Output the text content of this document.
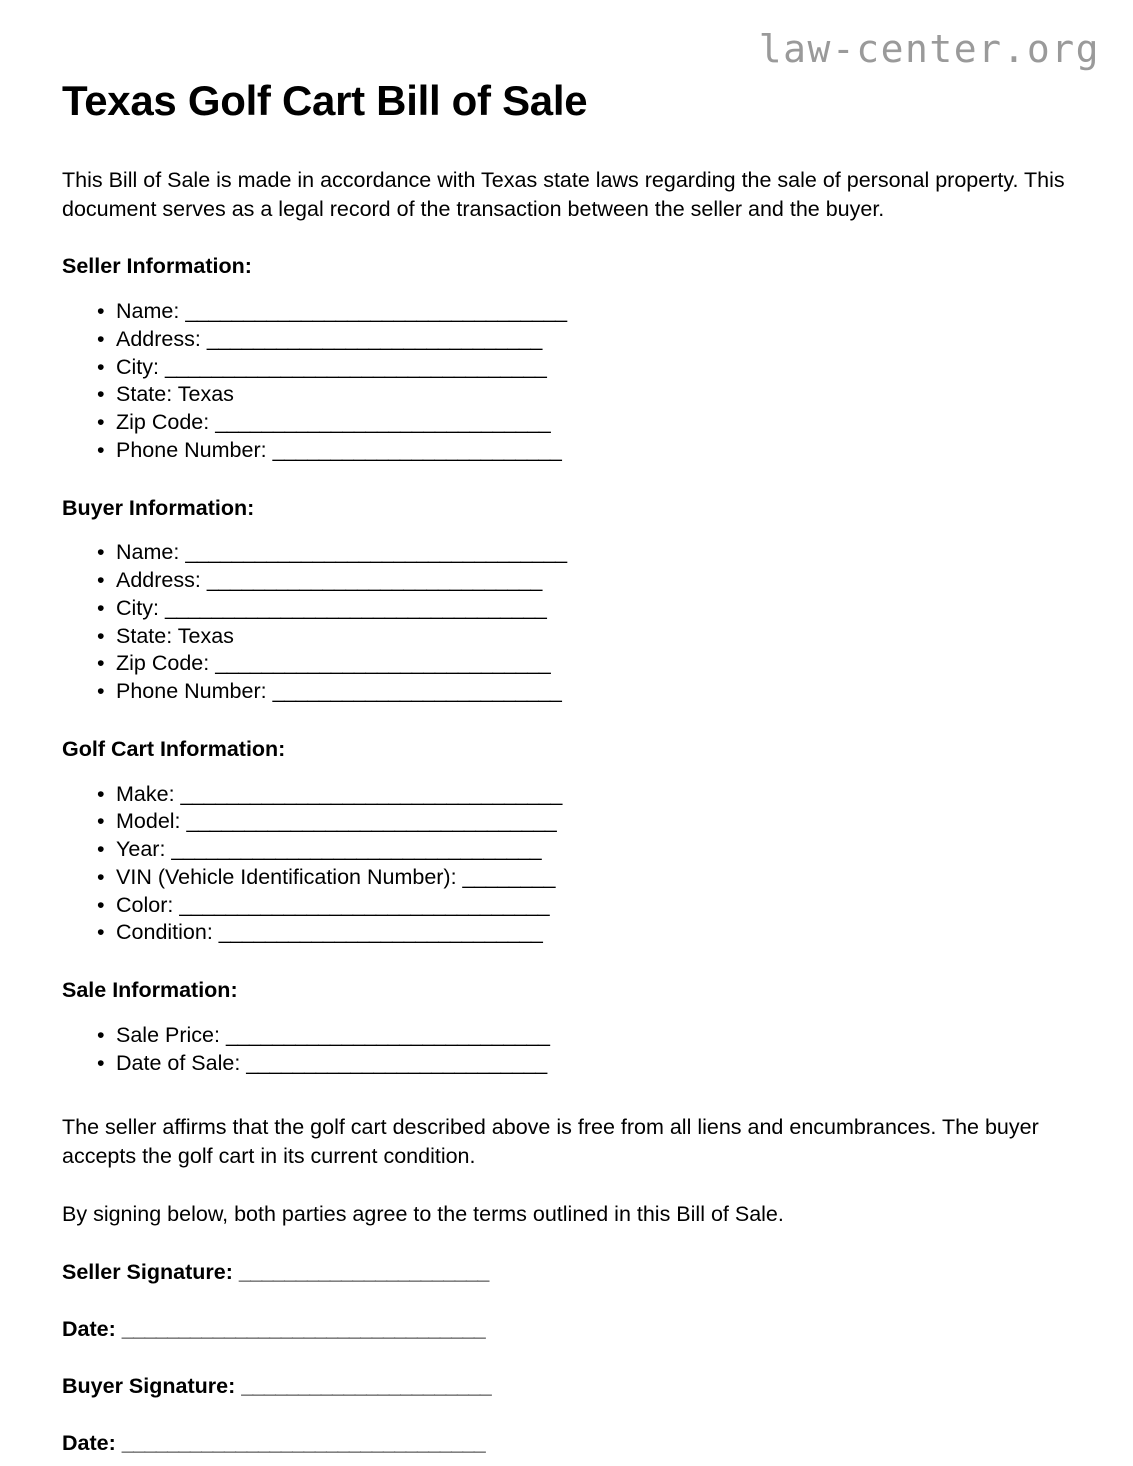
law-center.org
Texas Golf Cart Bill of Sale

This Bill of Sale is made in accordance with Texas state laws regarding the sale of personal property. This document serves as a legal record of the transaction between the seller and the buyer.

Seller Information:
• Name: _________________________________
• Address: _____________________________
• City: _________________________________
• State: Texas
• Zip Code: _____________________________
• Phone Number: _________________________
Buyer Information:
• Name: _________________________________
• Address: _____________________________
• City: _________________________________
• State: Texas
• Zip Code: _____________________________
• Phone Number: _________________________
Golf Cart Information:
• Make: _________________________________
• Model: ________________________________
• Year: ________________________________
• VIN (Vehicle Identification Number): ________
• Color: ________________________________
• Condition: ____________________________
Sale Information:
• Sale Price: ____________________________
• Date of Sale: __________________________

The seller affirms that the golf cart described above is free from all liens and encumbrances. The buyer accepts the golf cart in its current condition.

By signing below, both parties agree to the terms outlined in this Bill of Sale.

Seller Signature: ______________________

Date: ________________________________

Buyer Signature: ______________________

Date: ________________________________
